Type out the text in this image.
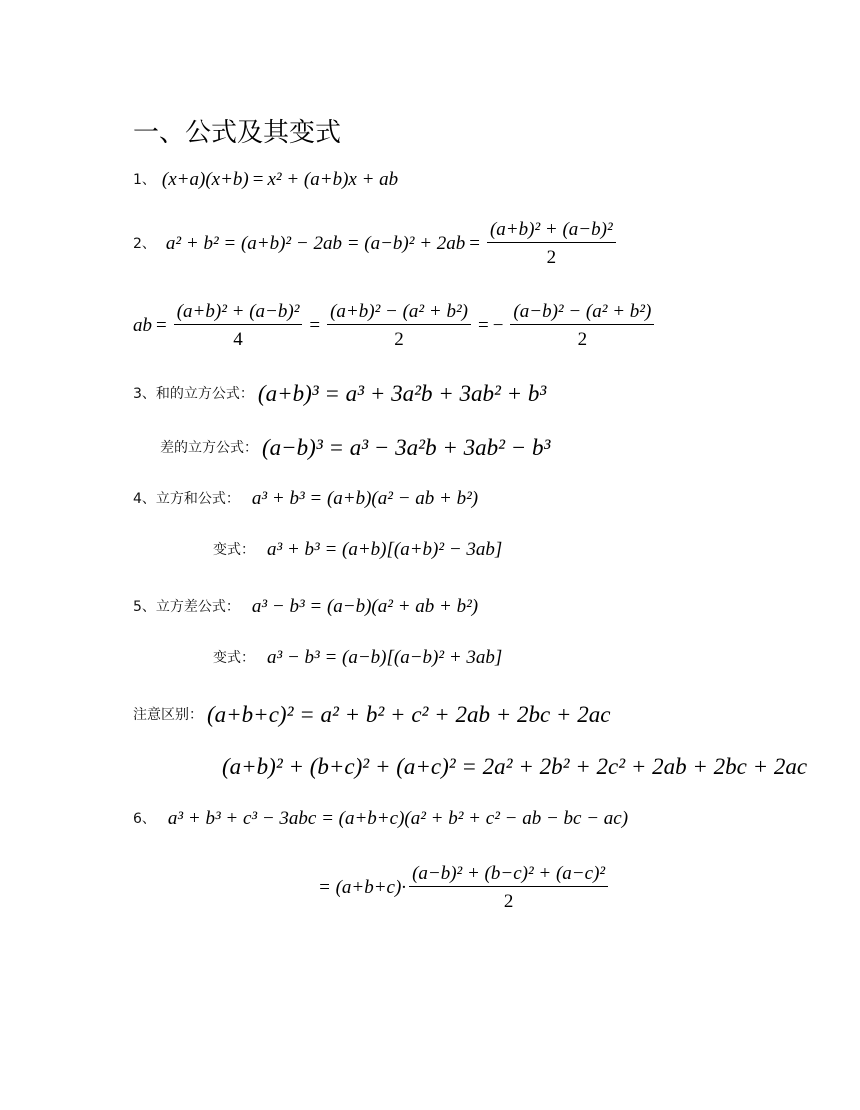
一、公式及其变式
1、 (x+a)(x+b) = x² + (a+b)x + ab
2、 $a^2 + b^2 = (a+b)^2 - 2ab = (a-b)^2 + 2ab = \frac{\text{(a+b)² + (a−b)²}}{2}$
ab = $\frac{\text{(a+b)² + (a−b)²}}{4} = \frac{\text{(a+b)² − (a² + b²)}}{2}$ = − $\frac{\text{(a−b)² − (a² + b²)}}{2}$
3、和的立方公式： (a+b)³ = a³ + 3a²b + 3ab² + b³
差的立方公式： (a−b)³ = a³ − 3a²b + 3ab² − b³
4、立方和公式： a³ + b³ = (a+b)(a² − ab + b²)
变式： a³ + b³ = (a+b)[(a+b)² − 3ab]
5、立方差公式： a³ − b³ = (a−b)(a² + ab + b²)
变式： a³ − b³ = (a−b)[(a−b)² + 3ab]
注意区别： (a+b+c)² = a² + b² + c² + 2ab + 2bc + 2ac
(a+b)² + (b+c)² + (a+c)² = 2a² + 2b² + 2c² + 2ab + 2bc + 2ac
6、 a³ + b³ + c³ − 3abc = (a+b+c)(a² + b² + c² − ab − bc − ac)
= $(a+b+c)\cdot \frac{\text{(a−b)² + (b−c)² + (a−c)²}}{2}$
